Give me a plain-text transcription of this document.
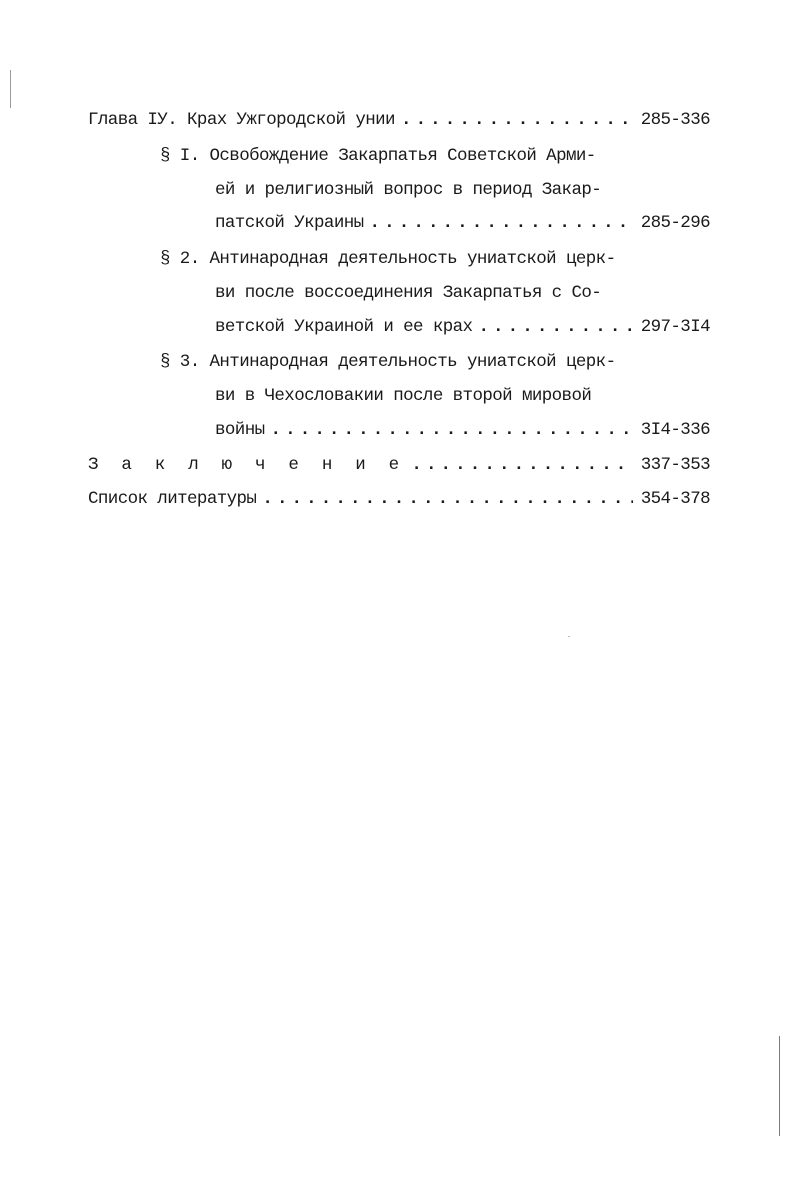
Глава IУ. Крах Ужгородской унии . . .	285-336
§ I. Освобождение Закарпатья Советской Арми-
ей и религиозный вопрос в период Закар-
патской Украины . . .	285-296
§ 2. Антинародная деятельность униатской церк-
ви после воссоединения Закарпатья с Со-
ветской Украиной и ее крах . . .	297-3I4
§ 3. Антинародная деятельность униатской церк-
ви в Чехословакии после второй мировой
войны . . .	3I4-336
З а к л ю ч е н и е . . .	337-353
Список литературы . . .	354-378
